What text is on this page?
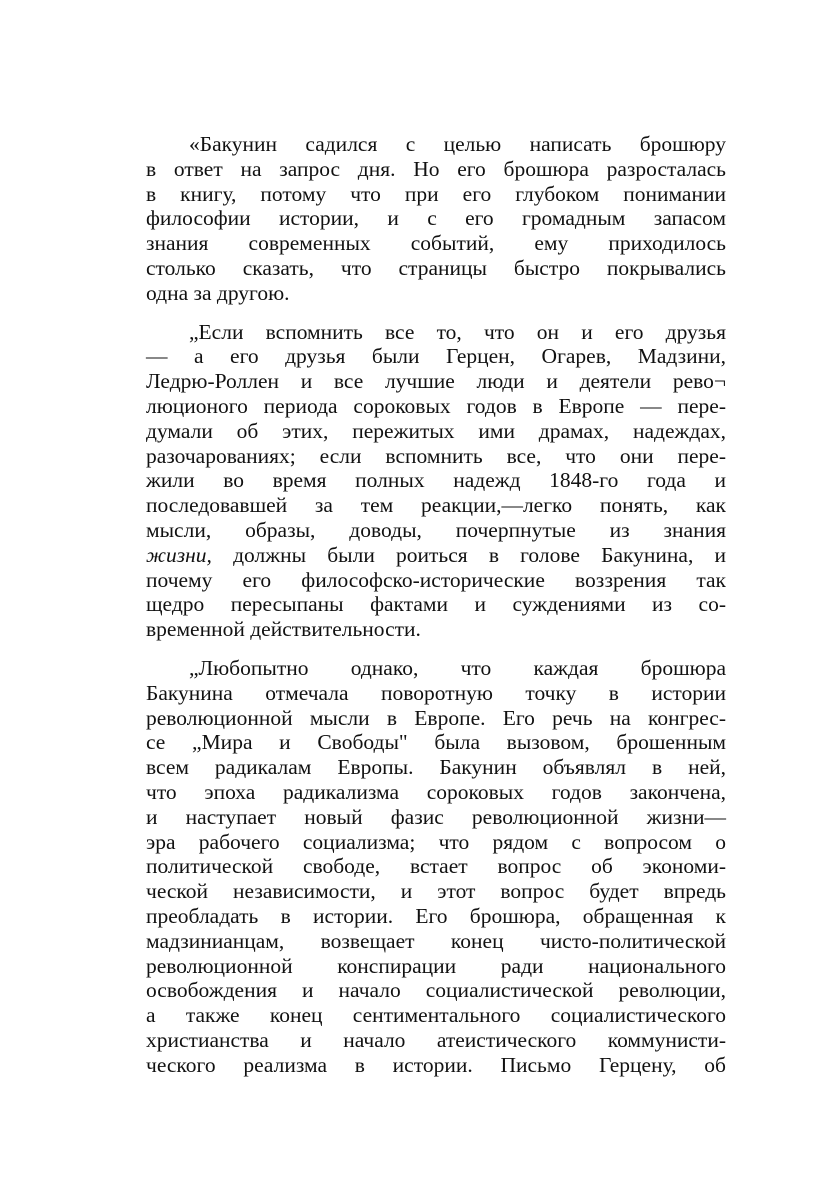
«Бакунин садился с целью написать брошюру
в ответ на запрос дня. Но его брошюра разросталась
в книгу, потому что при его глубоком понимании
философии истории, и с его громадным запасом
знания современных событий, ему приходилось
столько сказать, что страницы быстро покрывались
одна за другою.

„Если вспомнить все то, что он и его друзья
— а его друзья были Герцен, Огарев, Мадзини,
Ледрю-Роллен и все лучшие люди и деятели рево¬
люционого периода сороковых годов в Европе — пере-
думали об этих, пережитых ими драмах, надеждах,
разочарованиях; если вспомнить все, что они пере-
жили во время полных надежд 1848-го года и
последовавшей за тем реакции,—легко понять, как
мысли, образы, доводы, почерпнутые из знания
жизни, должны были роиться в голове Бакунина, и
почему его философско-исторические воззрения так
щедро пересыпаны фактами и суждениями из со-
временной действительности.

„Любопытно однако, что каждая брошюра
Бакунина отмечала поворотную точку в истории
революционной мысли в Европе. Его речь на конгрес-
се „Мира и Свободы" была вызовом, брошенным
всем радикалам Европы. Бакунин объявлял в ней,
что эпоха радикализма сороковых годов закончена,
и наступает новый фазис революционной жизни—
эра рабочего социализма; что рядом с вопросом о
политической свободе, встает вопрос об экономи-
ческой независимости, и этот вопрос будет впредь
преобладать в истории. Его брошюра, обращенная к
мадзинианцам, возвещает конец чисто-политической
революционной конспирации ради национального
освобождения и начало социалистической революции,
а также конец сентиментального социалистического
христианства и начало атеистического коммунисти-
ческого реализма в истории. Письмо Герцену, об
